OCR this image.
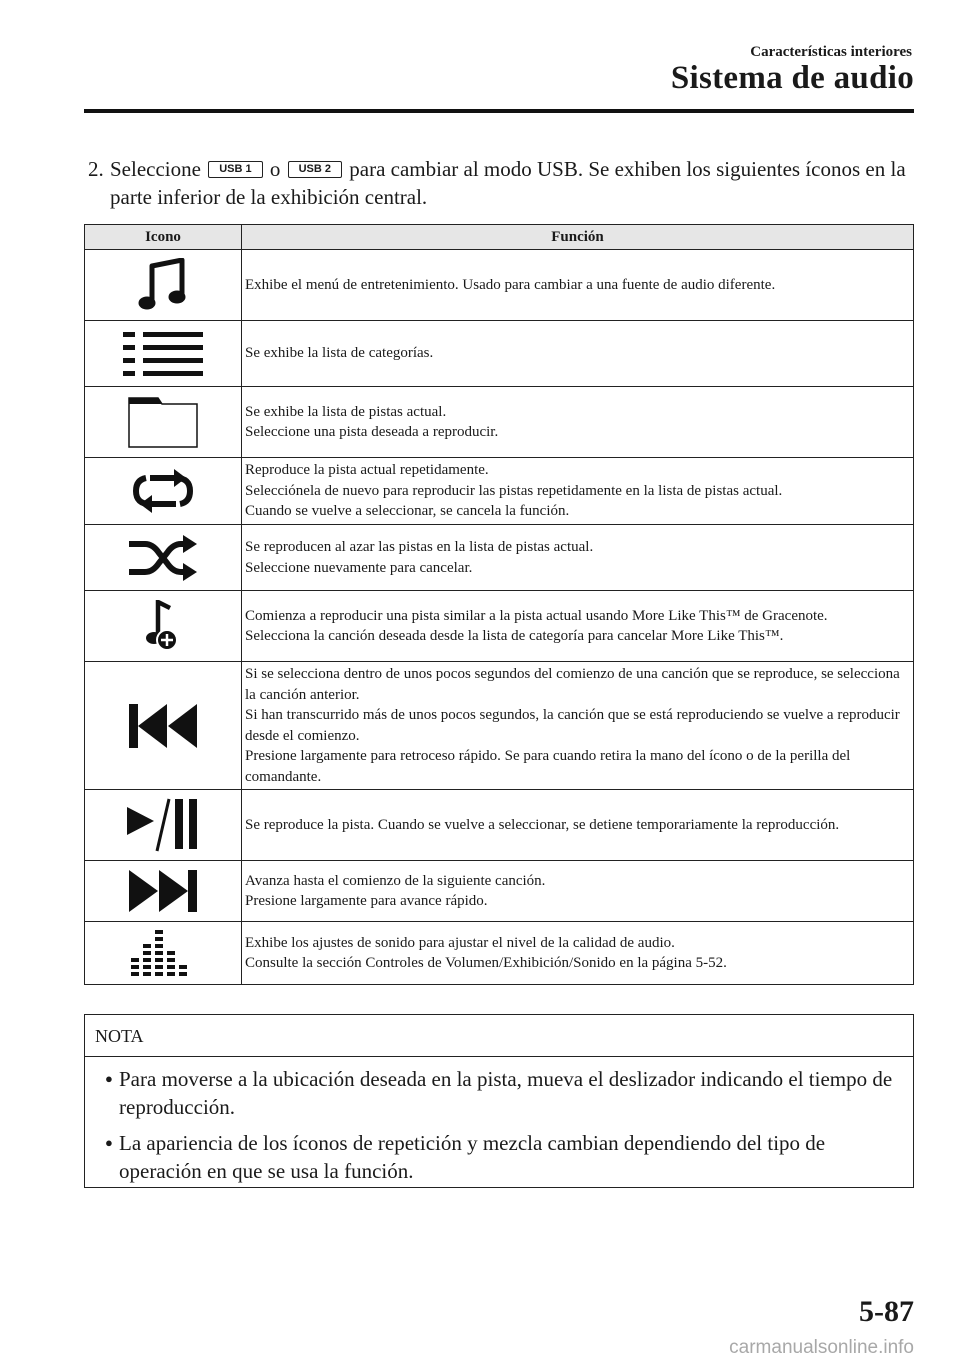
Características interiores
Sistema de audio
2. Seleccione USB 1 o USB 2 para cambiar al modo USB. Se exhiben los siguientes íconos en la parte inferior de la exhibición central.
Icono	Función

Exhibe el menú de entretenimiento. Usado para cambiar a una fuente de audio diferente.

Se exhibe la lista de categorías.

Se exhibe la lista de pistas actual.
Seleccione una pista deseada a reproducir.

Reproduce la pista actual repetidamente.
Selecciónela de nuevo para reproducir las pistas repetidamente en la lista de pistas actual.
Cuando se vuelve a seleccionar, se cancela la función.

Se reproducen al azar las pistas en la lista de pistas actual.
Seleccione nuevamente para cancelar.

Comienza a reproducir una pista similar a la pista actual usando More Like This™ de Gracenote.
Selecciona la canción deseada desde la lista de categoría para cancelar More Like This™.

Si se selecciona dentro de unos pocos segundos del comienzo de una canción que se reproduce, se selecciona la canción anterior.
Si han transcurrido más de unos pocos segundos, la canción que se está reproduciendo se vuelve a reproducir desde el comienzo.
Presione largamente para retroceso rápido. Se para cuando retira la mano del ícono o de la perilla del comandante.

Se reproduce la pista. Cuando se vuelve a seleccionar, se detiene temporariamente la reproducción.

Avanza hasta el comienzo de la siguiente canción.
Presione largamente para avance rápido.

Exhibe los ajustes de sonido para ajustar el nivel de la calidad de audio.
Consulte la sección Controles de Volumen/Exhibición/Sonido en la página 5-52.
NOTA
● Para moverse a la ubicación deseada en la pista, mueva el deslizador indicando el tiempo de reproducción.
● La apariencia de los íconos de repetición y mezcla cambian dependiendo del tipo de operación en que se usa la función.
5-87
carmanualsonline.info
